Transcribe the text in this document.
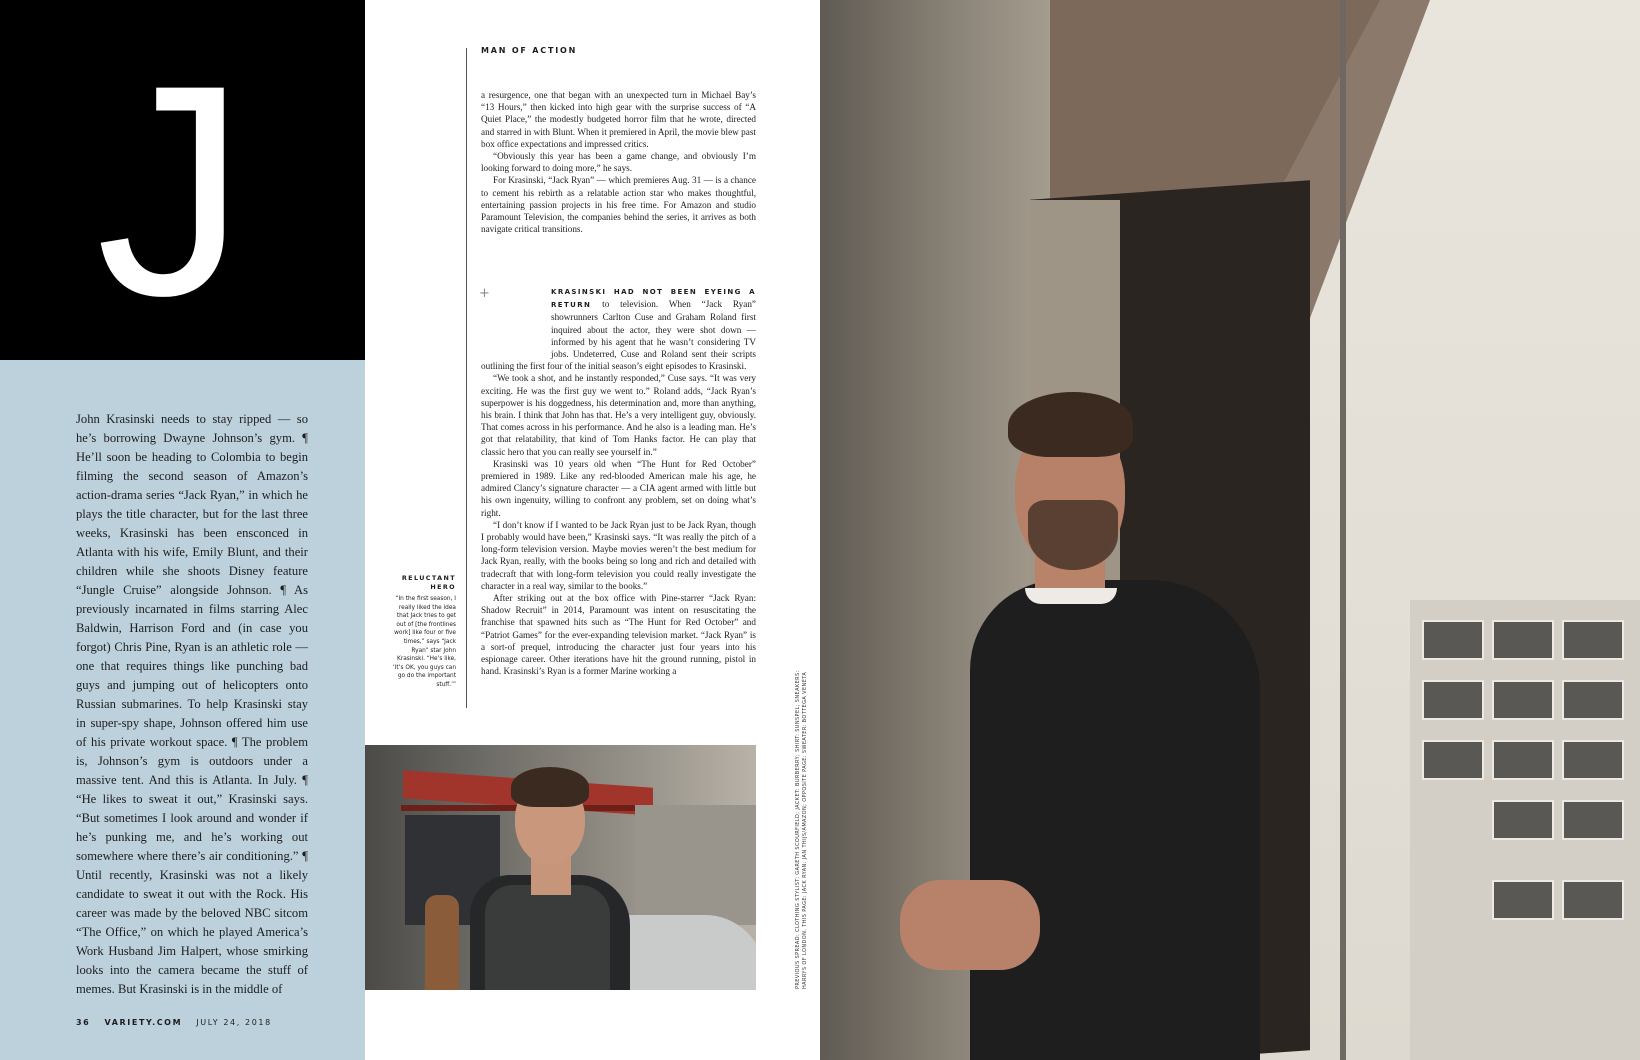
J

John Krasinski needs to stay ripped — so he’s borrowing Dwayne Johnson’s gym. ¶ He’ll soon be heading to Colombia to begin filming the second season of Amazon’s action-drama series “Jack Ryan,” in which he plays the title character, but for the last three weeks, Krasinski has been ensconced in Atlanta with his wife, Emily Blunt, and their children while she shoots Disney feature “Jungle Cruise” alongside Johnson. ¶ As previously incarnated in films starring Alec Baldwin, Harrison Ford and (in case you forgot) Chris Pine, Ryan is an athletic role — one that requires things like punching bad guys and jumping out of helicopters onto Russian submarines. To help Krasinski stay in super-spy shape, Johnson offered him use of his private workout space. ¶ The problem is, Johnson’s gym is outdoors under a massive tent. And this is Atlanta. In July. ¶ “He likes to sweat it out,” Krasinski says. “But sometimes I look around and wonder if he’s punking me, and he’s working out somewhere where there’s air conditioning.” ¶ Until recently, Krasinski was not a likely candidate to sweat it out with the Rock. His career was made by the beloved NBC sitcom “The Office,” on which he played America’s Work Husband Jim Halpert, whose smirking looks into the camera became the stuff of memes. But Krasinski is in the middle of

36 VARIETY.COM JULY 24, 2018
MAN OF ACTION

a resurgence, one that began with an unexpected turn in Michael Bay’s “13 Hours,” then kicked into high gear with the surprise success of “A Quiet Place,” the modestly budgeted horror film that he wrote, directed and starred in with Blunt. When it premiered in April, the movie blew past box office expectations and impressed critics.

“Obviously this year has been a game change, and obviously I’m looking forward to doing more,” he says.

For Krasinski, “Jack Ryan” — which premieres Aug. 31 — is a chance to cement his rebirth as a relatable action star who makes thoughtful, entertaining passion projects in his free time. For Amazon and studio Paramount Television, the companies behind the series, it arrives as both navigate critical transitions.

+	KRASINSKI HAD NOT BEEN EYEING A RETURN to television. When “Jack Ryan” showrunners Carlton Cuse and Graham Roland first inquired about the actor, they were shot down — informed by his agent that he wasn’t considering TV jobs. Undeterred, Cuse and Roland sent their scripts outlining the first four of the initial season’s eight episodes to Krasinski.

“We took a shot, and he instantly responded,” Cuse says. “It was very exciting. He was the first guy we went to.” Roland adds, “Jack Ryan’s superpower is his doggedness, his determination and, more than anything, his brain. I think that John has that. He’s a very intelligent guy, obviously. That comes across in his performance. And he also is a leading man. He’s got that relatability, that kind of Tom Hanks factor. He can play that classic hero that you can really see yourself in.”

Krasinski was 10 years old when “The Hunt for Red October” premiered in 1989. Like any red-blooded American male his age, he admired Clancy’s signature character — a CIA agent armed with little but his own ingenuity, willing to confront any problem, set on doing what’s right.

“I don’t know if I wanted to be Jack Ryan just to be Jack Ryan, though I probably would have been,” Krasinski says. “It was really the pitch of a long-form television version. Maybe movies weren’t the best medium for Jack Ryan, really, with the books being so long and rich and detailed with tradecraft that with long-form television you could really investigate the character in a real way, similar to the books.”

After striking out at the box office with Pine-starrer “Jack Ryan: Shadow Recruit” in 2014, Paramount was intent on resuscitating the franchise that spawned hits such as “The Hunt for Red October” and “Patriot Games” for the ever-expanding television market. “Jack Ryan” is a sort-of prequel, introducing the character just four years into his espionage career. Other iterations have hit the ground running, pistol in hand. Krasinski’s Ryan is a former Marine working a

RELUCTANT HERO
“In the first season, I really liked the idea that Jack tries to get out of [the frontlines work] like four or five times,” says “Jack Ryan” star John Krasinski. “He’s like, ‘It’s OK, you guys can go do the important stuff.’”	PREVIOUS SPREAD: CLOTHING STYLIST: GARETH SCOURFIELD; JACKET: BURBERRY; SHIRT: SUNSPEL; SNEAKERS: HARRYS OF LONDON. THIS PAGE: JACK RYAN: JAN THIJS/AMAZON; OPPOSITE PAGE: SWEATER: BOTTEGA VENETA
